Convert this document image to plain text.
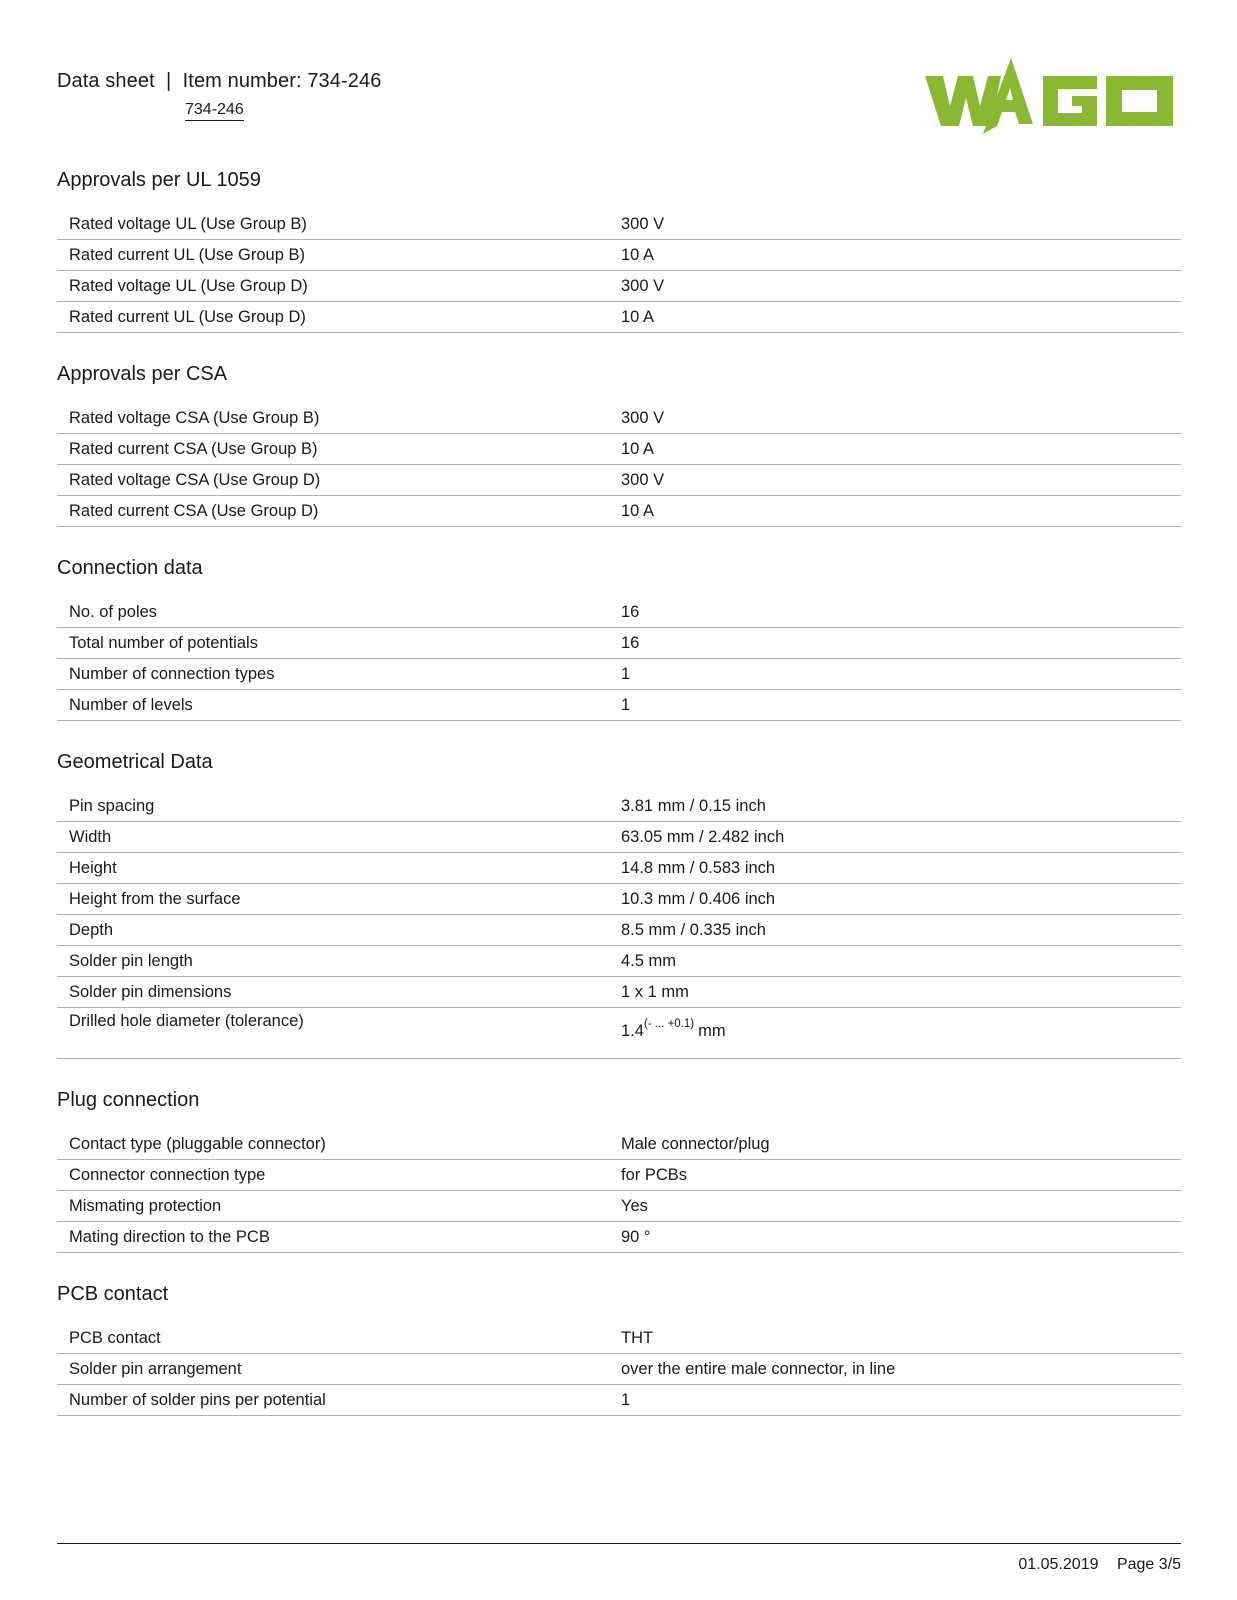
Data sheet  |  Item number: 734-246
734-246
Approvals per UL 1059
Rated voltage UL (Use Group B)	300 V
Rated current UL (Use Group B)	10 A
Rated voltage UL (Use Group D)	300 V
Rated current UL (Use Group D)	10 A
Approvals per CSA
Rated voltage CSA (Use Group B)	300 V
Rated current CSA (Use Group B)	10 A
Rated voltage CSA (Use Group D)	300 V
Rated current CSA (Use Group D)	10 A
Connection data
No. of poles	16
Total number of potentials	16
Number of connection types	1
Number of levels	1
Geometrical Data
Pin spacing	3.81 mm / 0.15 inch
Width	63.05 mm / 2.482 inch
Height	14.8 mm / 0.583 inch
Height from the surface	10.3 mm / 0.406 inch
Depth	8.5 mm / 0.335 inch
Solder pin length	4.5 mm
Solder pin dimensions	1 x 1 mm
Drilled hole diameter (tolerance)	$1.4^{(- ... +0.1)}$ mm
Plug connection
Contact type (pluggable connector)	Male connector/plug
Connector connection type	for PCBs
Mismating protection	Yes
Mating direction to the PCB	90 °
PCB contact
PCB contact	THT
Solder pin arrangement	over the entire male connector, in line
Number of solder pins per potential	1
01.05.2019 Page 3/5
